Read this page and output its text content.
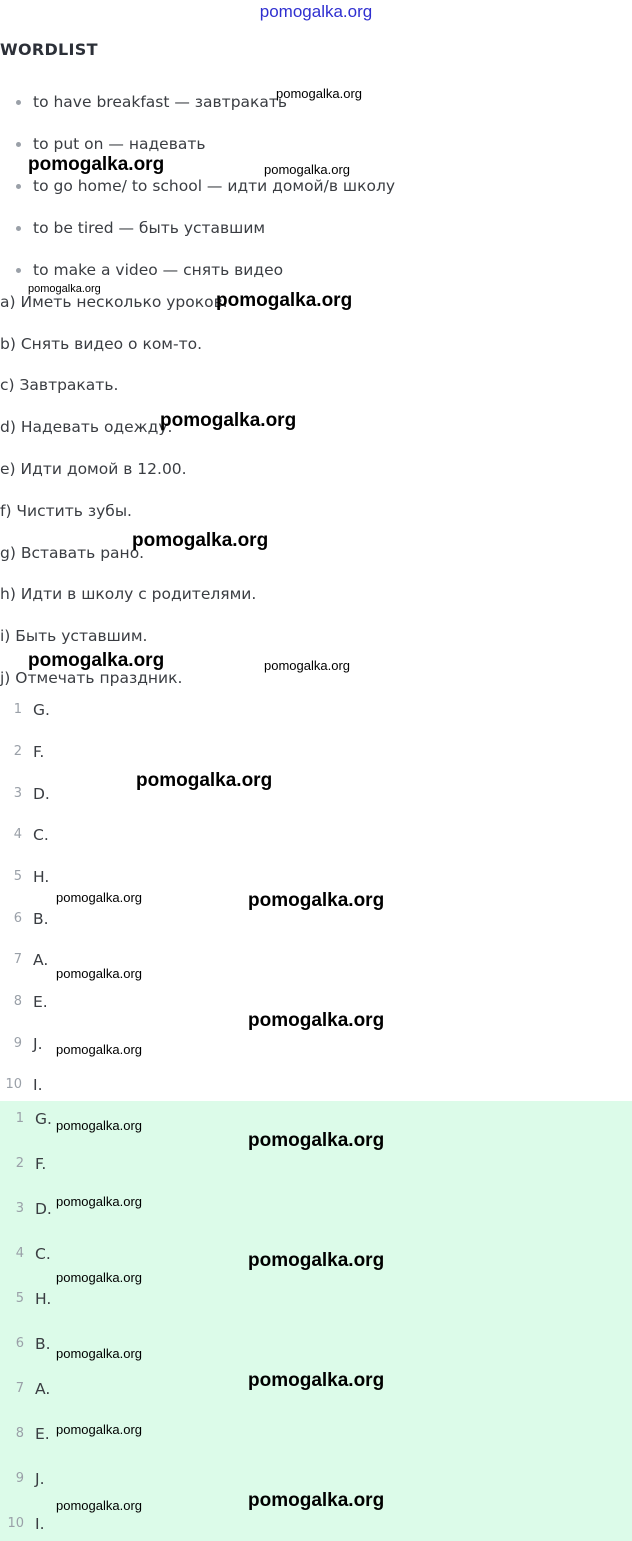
pomogalka.org
WORDLIST
to have breakfast — завтракать
to put on — надевать
to go home/ to school — идти домой/в школу
to be tired — быть уставшим
to make a video — снять видео
a) Иметь несколько уроков.
b) Снять видео о ком-то.
c) Завтракать.
d) Надевать одежду.
e) Идти домой в 12.00.
f) Чистить зубы.
g) Вставать рано.
h) Идти в школу с родителями.
i) Быть уставшим.
j) Отмечать праздник.
1 G.
2 F.
3 D.
4 C.
5 H.
6 B.
7 A.
8 E.
9 J.
10 I.
1 G.
2 F.
3 D.
4 C.
5 H.
6 B.
7 A.
8 E.
9 J.
10 I.
pomogalka.org
pomogalka.org	pomogalka.org
pomogalka.org
pomogalka.org
pomogalka.org
pomogalka.org
pomogalka.org	pomogalka.org
pomogalka.org
pomogalka.org	pomogalka.org
pomogalka.org
pomogalka.org
pomogalka.org
pomogalka.org
pomogalka.org
pomogalka.org
pomogalka.org
pomogalka.org
pomogalka.org
pomogalka.org
pomogalka.org
pomogalka.org
pomogalka.org
